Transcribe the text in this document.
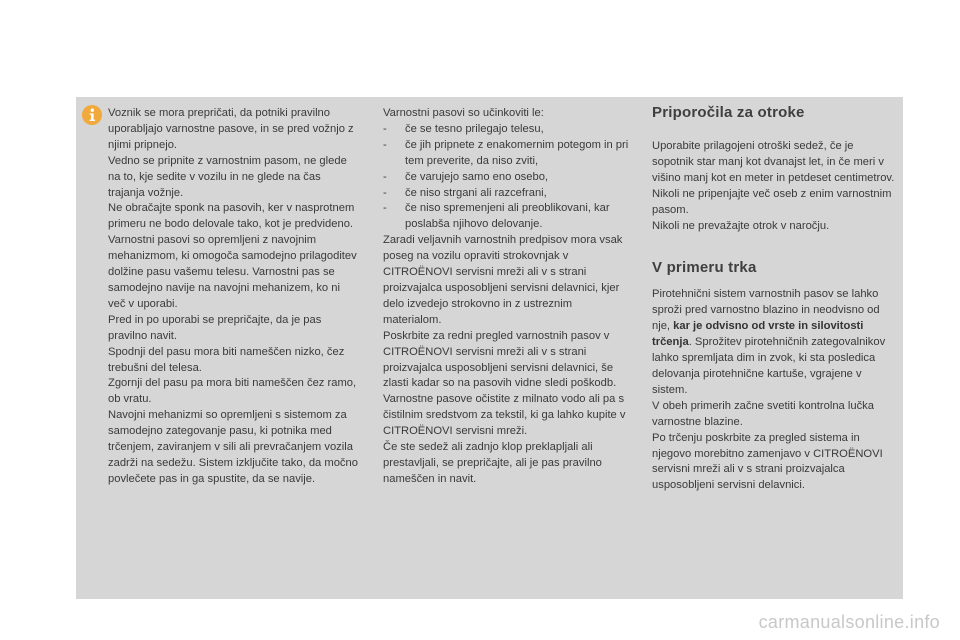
Voznik se mora prepričati, da potniki pravilno uporabljajo varnostne pasove, in se pred vožnjo z njimi pripnejo.

Vedno se pripnite z varnostnim pasom, ne glede na to, kje sedite v vozilu in ne glede na čas trajanja vožnje.

Ne obračajte sponk na pasovih, ker v nasprotnem primeru ne bodo delovale tako, kot je predvideno.

Varnostni pasovi so opremljeni z navojnim mehanizmom, ki omogoča samodejno prilagoditev dolžine pasu vašemu telesu. Varnostni pas se samodejno navije na navojni mehanizem, ko ni več v uporabi.

Pred in po uporabi se prepričajte, da je pas pravilno navit.

Spodnji del pasu mora biti nameščen nizko, čez trebušni del telesa.

Zgornji del pasu pa mora biti nameščen čez ramo, ob vratu.

Navojni mehanizmi so opremljeni s sistemom za samodejno zategovanje pasu, ki potnika med trčenjem, zaviranjem v sili ali prevračanjem vozila zadrži na sedežu. Sistem izključite tako, da močno povlečete pas in ga spustite, da se navije.

Varnostni pasovi so učinkoviti le:

- če se tesno prilegajo telesu,
- če jih pripnete z enakomernim potegom in pri tem preverite, da niso zviti,
- če varujejo samo eno osebo,
- če niso strgani ali razcefrani,
- če niso spremenjeni ali preoblikovani, kar poslabša njihovo delovanje.

Zaradi veljavnih varnostnih predpisov mora vsak poseg na vozilu opraviti strokovnjak v CITROËNOVI servisni mreži ali v s strani proizvajalca usposobljeni servisni delavnici, kjer delo izvedejo strokovno in z ustreznim materialom.

Poskrbite za redni pregled varnostnih pasov v CITROËNOVI servisni mreži ali v s strani proizvajalca usposobljeni servisni delavnici, še zlasti kadar so na pasovih vidne sledi poškodb.

Varnostne pasove očistite z milnato vodo ali pa s čistilnim sredstvom za tekstil, ki ga lahko kupite v CITROËNOVI servisni mreži.

Če ste sedež ali zadnjo klop preklapljali ali prestavljali, se prepričajte, ali je pas pravilno nameščen in navit.

Priporočila za otroke

Uporabite prilagojeni otroški sedež, če je sopotnik star manj kot dvanajst let, in če meri v višino manj kot en meter in petdeset centimetrov.

Nikoli ne pripenjajte več oseb z enim varnostnim pasom.

Nikoli ne prevažajte otrok v naročju.

V primeru trka

Pirotehnični sistem varnostnih pasov se lahko sproži pred varnostno blazino in neodvisno od nje, kar je odvisno od vrste in silovitosti trčenja. Sprožitev pirotehničnih zategovalnikov lahko spremljata dim in zvok, ki sta posledica delovanja pirotehnične kartuše, vgrajene v sistem.

V obeh primerih začne svetiti kontrolna lučka varnostne blazine.

Po trčenju poskrbite za pregled sistema in njegovo morebitno zamenjavo v CITROËNOVI servisni mreži ali v s strani proizvajalca usposobljeni servisni delavnici.

carmanualsonline.info
